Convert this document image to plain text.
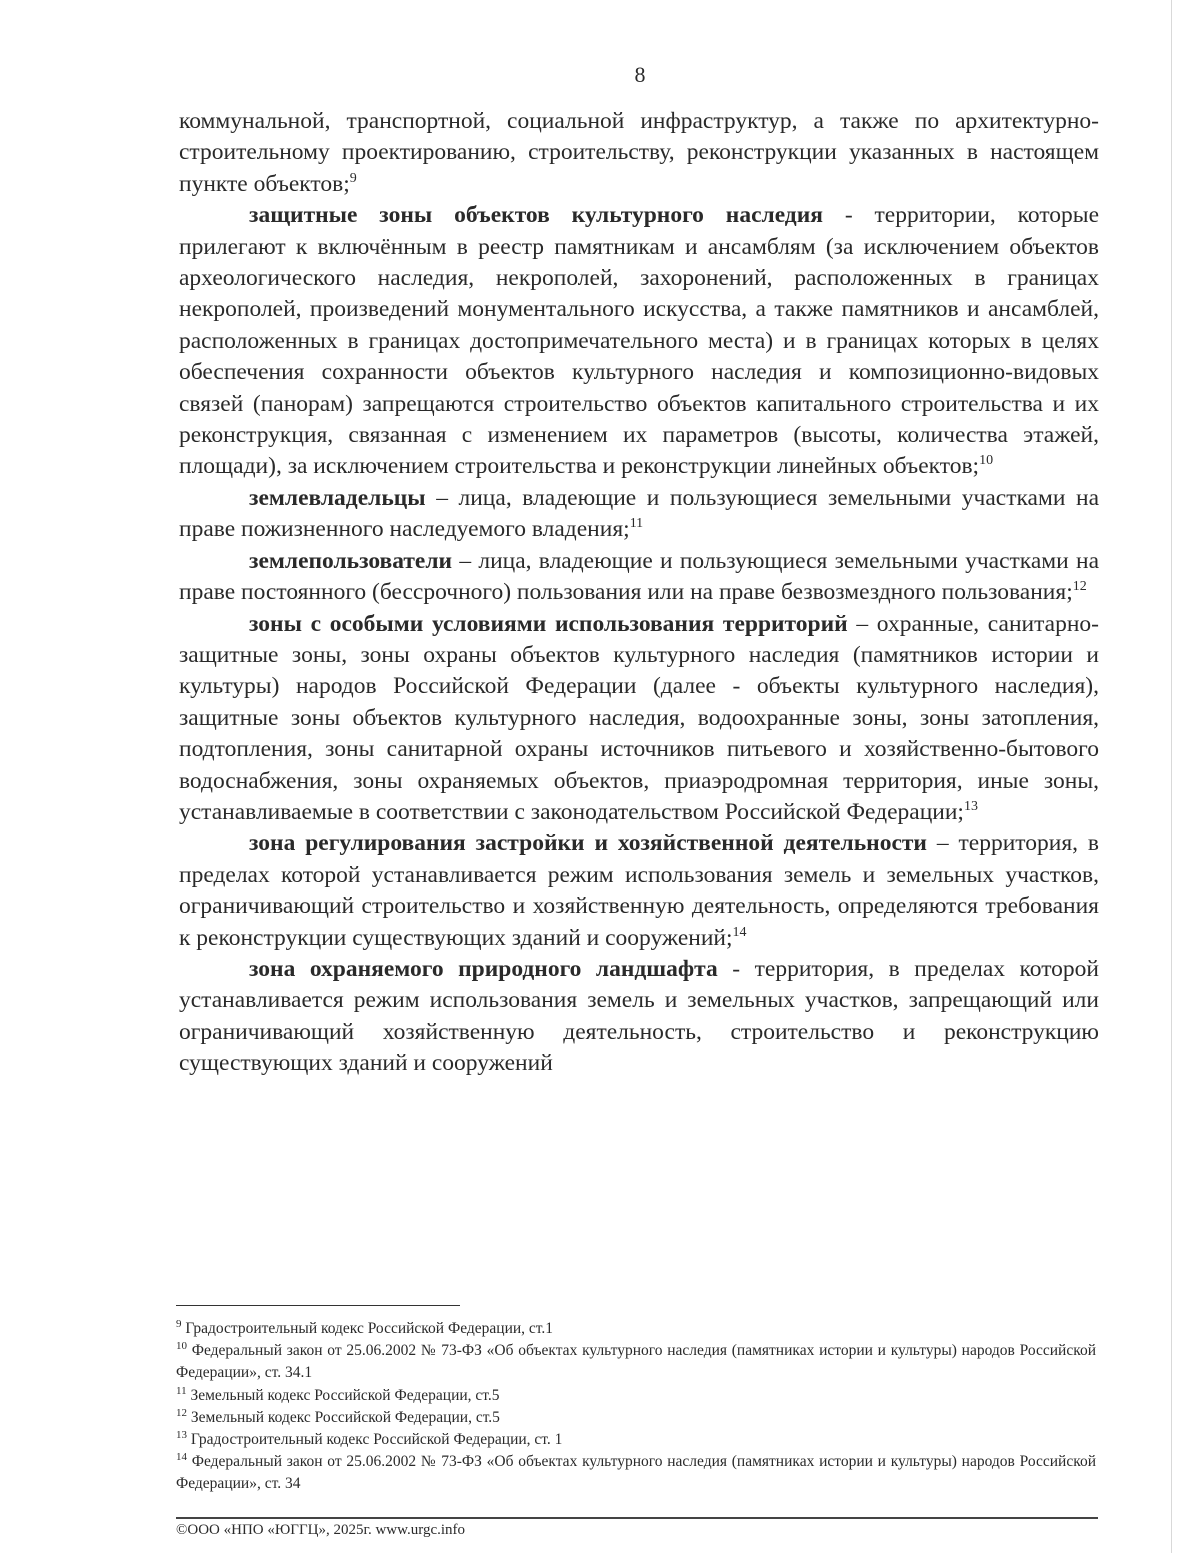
8

коммунальной, транспортной, социальной инфраструктур, а также по архитектурно-строительному проектированию, строительству, реконструкции указанных в настоящем пункте объектов;$^9$

защитные зоны объектов культурного наследия - территории, которые прилегают к включённым в реестр памятникам и ансамблям (за исключением объектов археологического наследия, некрополей, захоронений, расположенных в границах некрополей, произведений монументального искусства, а также памятников и ансамблей, расположенных в границах достопримечательного места) и в границах которых в целях обеспечения сохранности объектов культурного наследия и композиционно-видовых связей (панорам) запрещаются строительство объектов капитального строительства и их реконструкция, связанная с изменением их параметров (высоты, количества этажей, площади), за исключением строительства и реконструкции линейных объектов;$^{10}$

землевладельцы – лица, владеющие и пользующиеся земельными участками на праве пожизненного наследуемого владения;$^{11}$

землепользователи – лица, владеющие и пользующиеся земельными участками на праве постоянного (бессрочного) пользования или на праве безвозмездного пользования;$^{12}$

зоны с особыми условиями использования территорий – охранные, санитарно-защитные зоны, зоны охраны объектов культурного наследия (памятников истории и культуры) народов Российской Федерации (далее - объекты культурного наследия), защитные зоны объектов культурного наследия, водоохранные зоны, зоны затопления, подтопления, зоны санитарной охраны источников питьевого и хозяйственно-бытового водоснабжения, зоны охраняемых объектов, приаэродромная территория, иные зоны, устанавливаемые в соответствии с законодательством Российской Федерации;$^{13}$

зона регулирования застройки и хозяйственной деятельности – территория, в пределах которой устанавливается режим использования земель и земельных участков, ограничивающий строительство и хозяйственную деятельность, определяются требования к реконструкции существующих зданий и сооружений;$^{14}$

зона охраняемого природного ландшафта - территория, в пределах которой устанавливается режим использования земель и земельных участков, запрещающий или ограничивающий хозяйственную деятельность, строительство и реконструкцию существующих зданий и сооружений

$^9$ Градостроительный кодекс Российской Федерации, ст.1

$^{10}$ Федеральный закон от 25.06.2002 № 73-ФЗ «Об объектах культурного наследия (памятниках истории и культуры) народов Российской Федерации», ст. 34.1

$^{11}$ Земельный кодекс Российской Федерации, ст.5

$^{12}$ Земельный кодекс Российской Федерации, ст.5

$^{13}$ Градостроительный кодекс Российской Федерации, ст. 1

$^{14}$ Федеральный закон от 25.06.2002 № 73-ФЗ «Об объектах культурного наследия (памятниках истории и культуры) народов Российской Федерации», ст. 34

©ООО «НПО «ЮГГЦ», 2025г. www.urgc.info
